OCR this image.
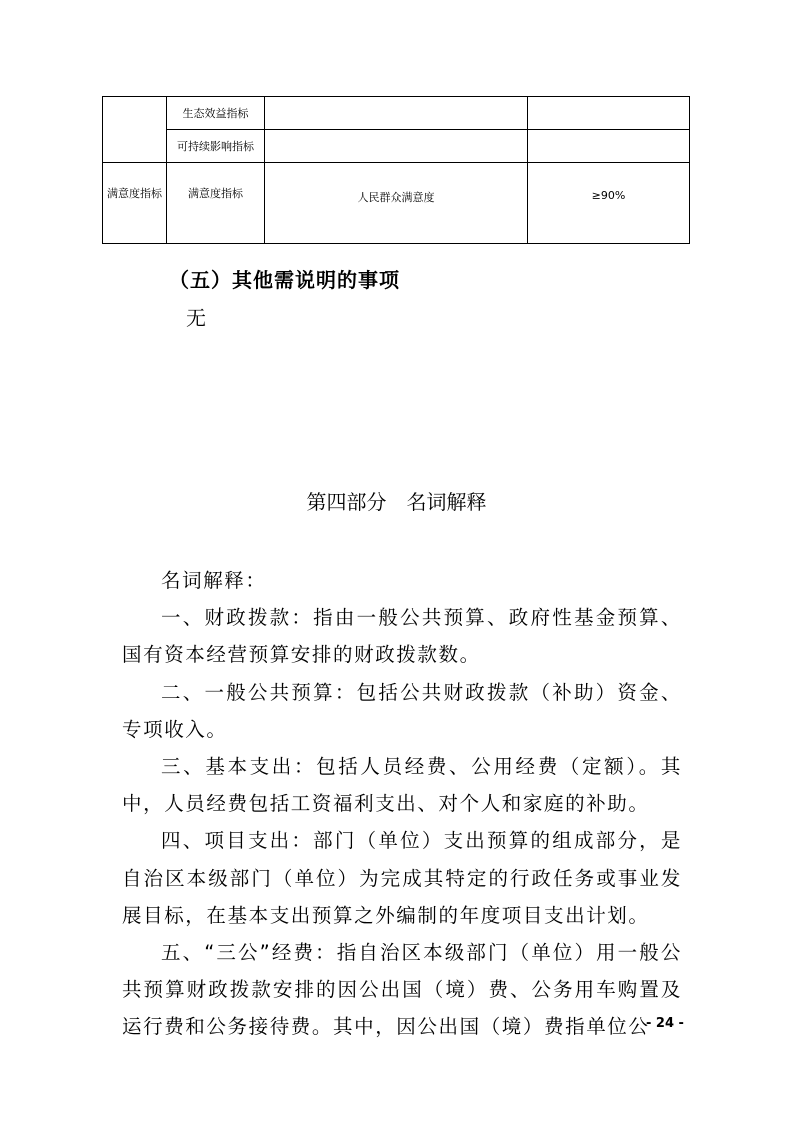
	生态效益指标		
	可持续影响指标		
满意度指标	满意度指标	人民群众满意度	≥90%
（五）其他需说明的事项
无
第四部分　名词解释

名词解释：

一、财政拨款：指由一般公共预算、政府性基金预算、国有资本经营预算安排的财政拨款数。

二、一般公共预算：包括公共财政拨款（补助）资金、专项收入。

三、基本支出：包括人员经费、公用经费（定额）。其中，人员经费包括工资福利支出、对个人和家庭的补助。

四、项目支出：部门（单位）支出预算的组成部分，是自治区本级部门（单位）为完成其特定的行政任务或事业发展目标，在基本支出预算之外编制的年度项目支出计划。

五、“三公”经费：指自治区本级部门（单位）用一般公共预算财政拨款安排的因公出国（境）费、公务用车购置及运行费和公务接待费。其中，因公出国（境）费指单位公

- 24 -
